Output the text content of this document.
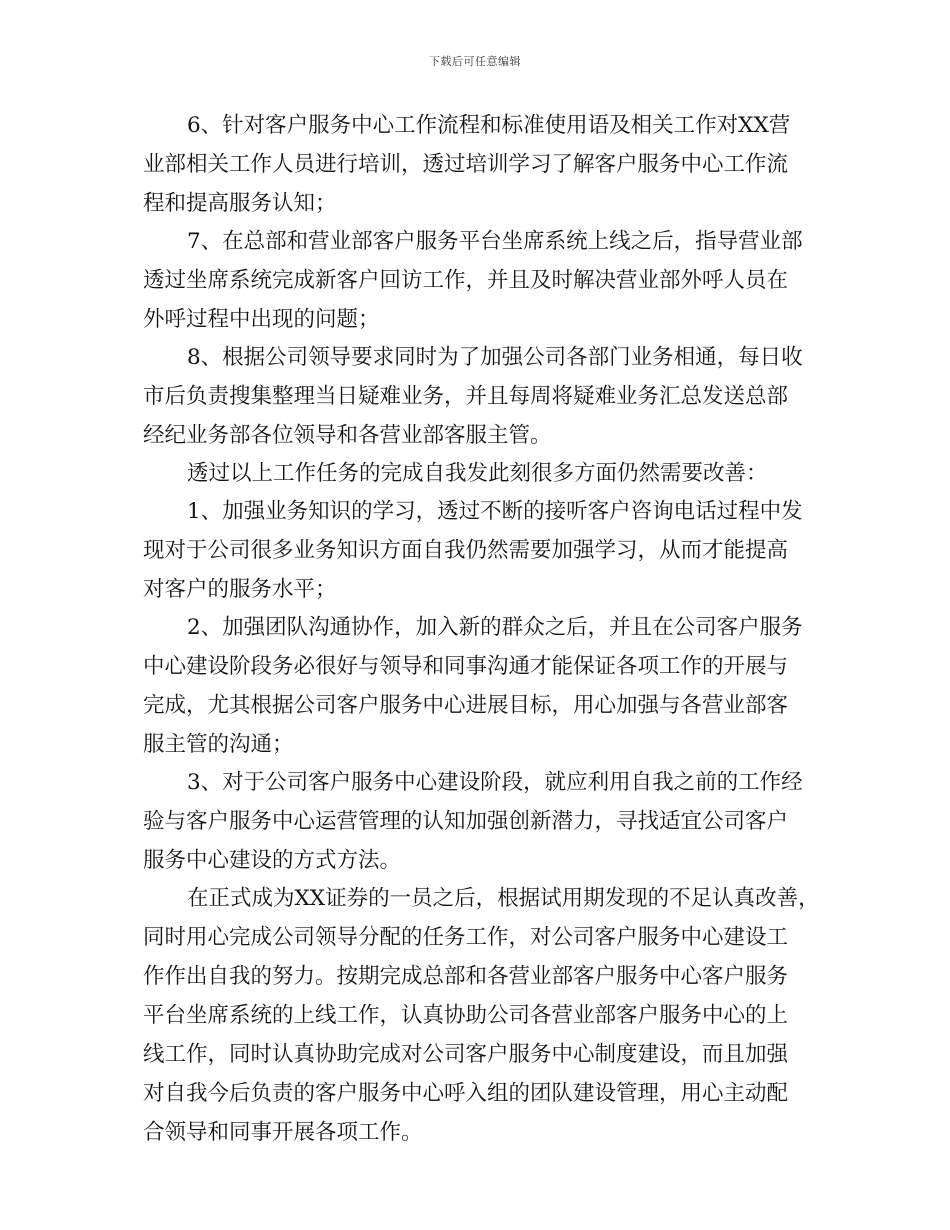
下载后可任意编辑
6、针对客户服务中心工作流程和标准使用语及相关工作对XX营
业部相关工作人员进行培训，透过培训学习了解客户服务中心工作流
程和提高服务认知；
7、在总部和营业部客户服务平台坐席系统上线之后，指导营业部
透过坐席系统完成新客户回访工作，并且及时解决营业部外呼人员在
外呼过程中出现的问题；
8、根据公司领导要求同时为了加强公司各部门业务相通，每日收
市后负责搜集整理当日疑难业务，并且每周将疑难业务汇总发送总部
经纪业务部各位领导和各营业部客服主管。
透过以上工作任务的完成自我发此刻很多方面仍然需要改善：
1、加强业务知识的学习，透过不断的接听客户咨询电话过程中发
现对于公司很多业务知识方面自我仍然需要加强学习，从而才能提高
对客户的服务水平；
2、加强团队沟通协作，加入新的群众之后，并且在公司客户服务
中心建设阶段务必很好与领导和同事沟通才能保证各项工作的开展与
完成，尤其根据公司客户服务中心进展目标，用心加强与各营业部客
服主管的沟通；
3、对于公司客户服务中心建设阶段，就应利用自我之前的工作经
验与客户服务中心运营管理的认知加强创新潜力，寻找适宜公司客户
服务中心建设的方式方法。
在正式成为XX证券的一员之后，根据试用期发现的不足认真改善，
同时用心完成公司领导分配的任务工作，对公司客户服务中心建设工
作作出自我的努力。按期完成总部和各营业部客户服务中心客户服务
平台坐席系统的上线工作，认真协助公司各营业部客户服务中心的上
线工作，同时认真协助完成对公司客户服务中心制度建设，而且加强
对自我今后负责的客户服务中心呼入组的团队建设管理，用心主动配
合领导和同事开展各项工作。
